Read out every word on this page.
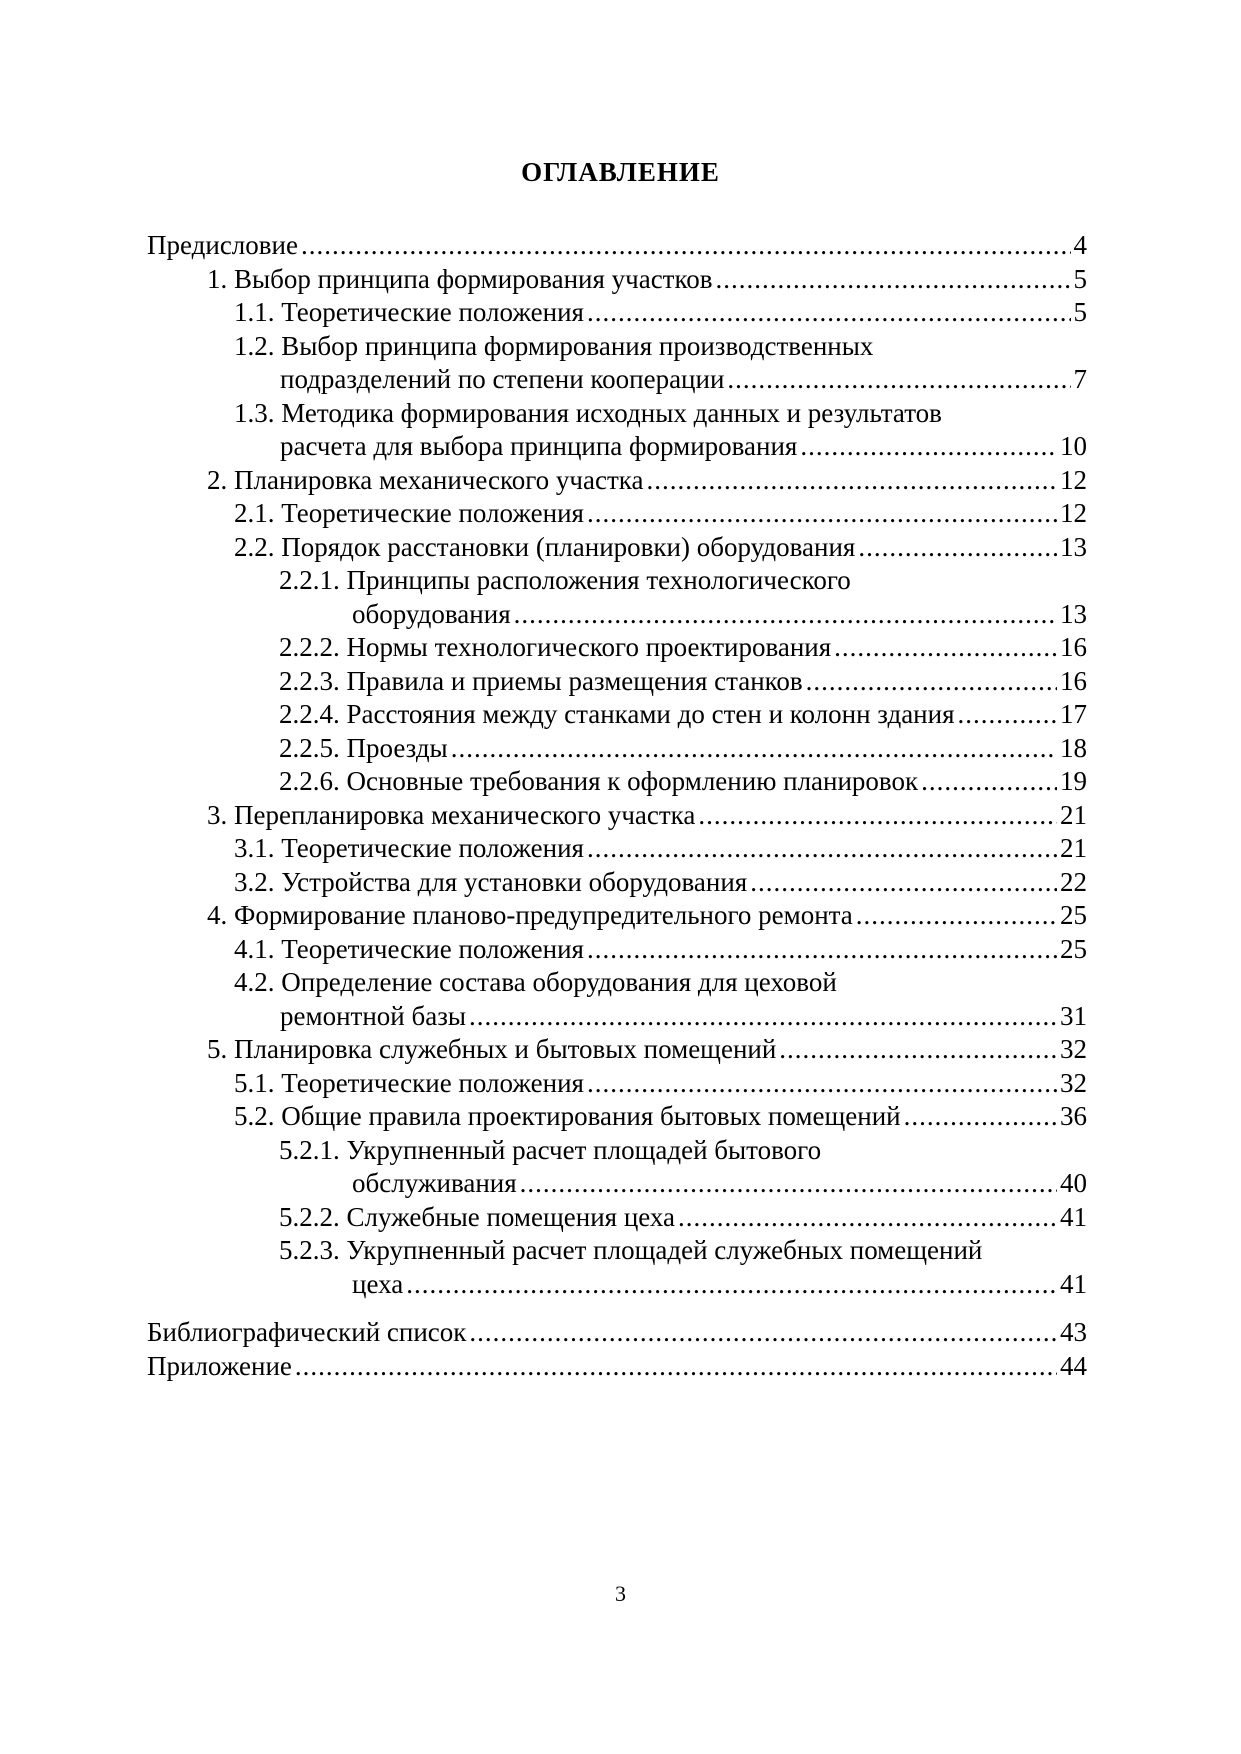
ОГЛАВЛЕНИЕ
Предисловие .....	4
1. Выбор принципа формирования участков .....	5
1.1. Теоретические положения .....	5
1.2. Выбор принципа формирования производственных
подразделений по степени кооперации .....	7
1.3. Методика формирования исходных данных и результатов
расчета для выбора принципа формирования .....	10
2. Планировка механического участка .....	12
2.1. Теоретические положения .....	12
2.2. Порядок расстановки (планировки) оборудования .....	13
2.2.1. Принципы расположения технологического
оборудования .....	13
2.2.2. Нормы технологического проектирования .....	16
2.2.3. Правила и приемы размещения станков .....	16
2.2.4. Расстояния между станками до стен и колонн здания .....	17
2.2.5. Проезды .....	18
2.2.6. Основные требования к оформлению планировок .....	19
3. Перепланировка механического участка .....	21
3.1. Теоретические положения .....	21
3.2. Устройства для установки оборудования .....	22
4. Формирование планово-предупредительного ремонта .....	25
4.1. Теоретические положения .....	25
4.2. Определение состава оборудования для цеховой
ремонтной базы .....	31
5. Планировка служебных и бытовых помещений .....	32
5.1. Теоретические положения .....	32
5.2. Общие правила проектирования бытовых помещений .....	36
5.2.1. Укрупненный расчет площадей бытового
обслуживания .....	40
5.2.2. Служебные помещения цеха .....	41
5.2.3. Укрупненный расчет площадей служебных помещений
цеха .....	41
Библиографический список .....	43
Приложение .....	44
3
